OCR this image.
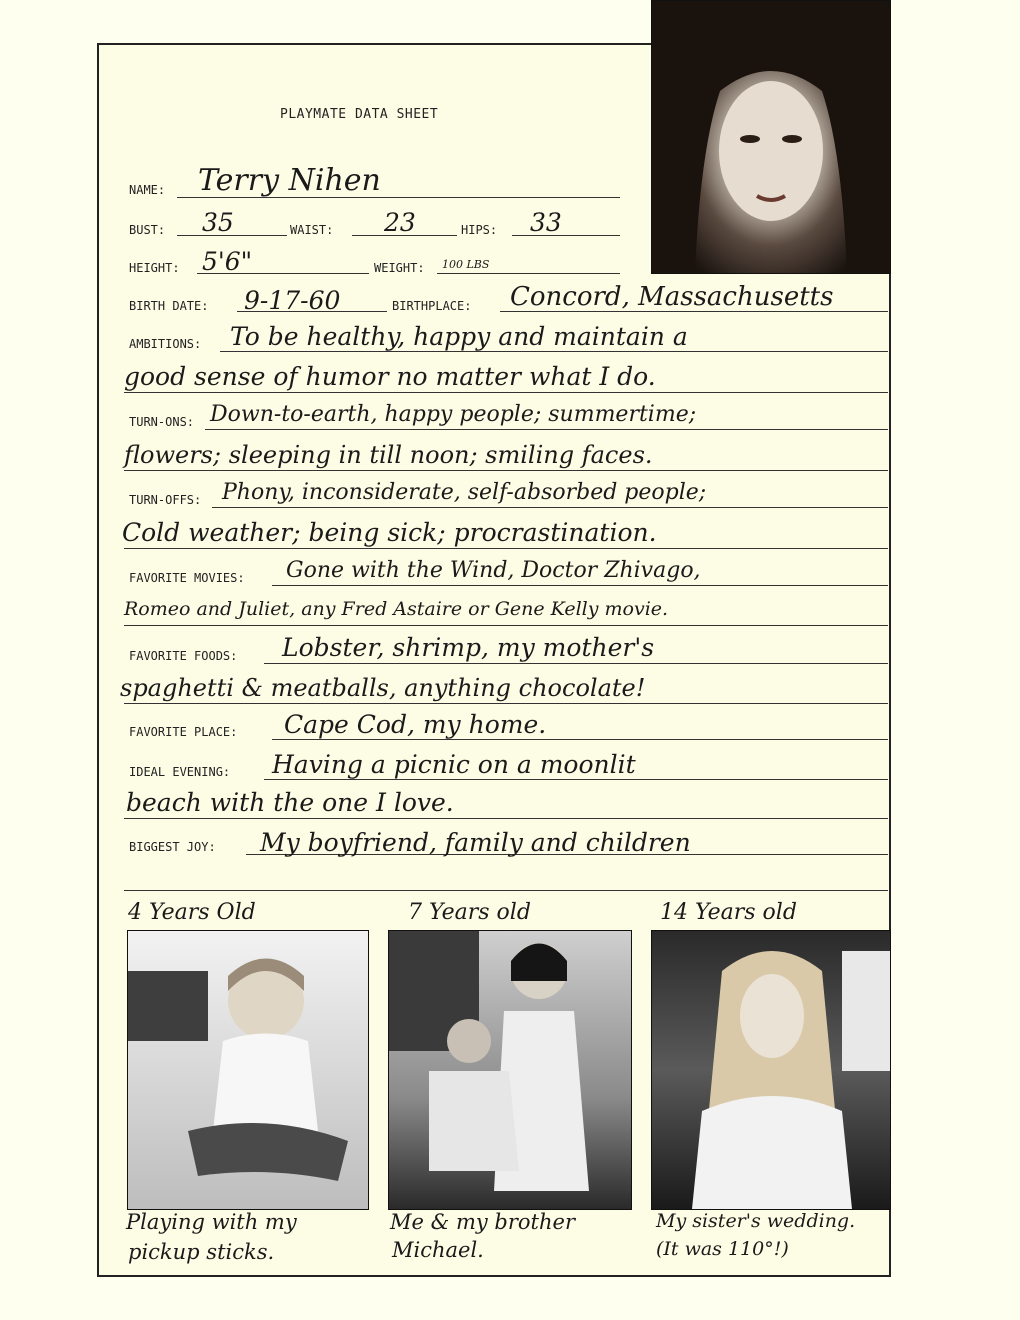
PLAYMATE DATA SHEET
NAME: Terry Nihen
BUST: 35	WAIST: 23	HIPS: 33
HEIGHT: 5'6"	WEIGHT: 100 LBS
BIRTH DATE: 9-17-60	BIRTHPLACE: Concord, Massachusetts
AMBITIONS: To be healthy, happy and maintain a
good sense of humor no matter what I do.
TURN-ONS: Down-to-earth, happy people; summertime;
flowers; sleeping in till noon; smiling faces.
TURN-OFFS: Phony, inconsiderate, self-absorbed people;
Cold weather; being sick; procrastination.
FAVORITE MOVIES: Gone with the Wind, Doctor Zhivago,
Romeo and Juliet, any Fred Astaire or Gene Kelly movie.
FAVORITE FOODS: Lobster, shrimp, my mother's
spaghetti & meatballs, anything chocolate!
FAVORITE PLACE: Cape Cod, my home.
IDEAL EVENING: Having a picnic on a moonlit
beach with the one I love.
BIGGEST JOY: My boyfriend, family and children
4 Years Old	7 Years old	14 Years old
Playing with my
pickup sticks.
Me & my brother
Michael.
My sister's wedding.
(It was 110°!)
